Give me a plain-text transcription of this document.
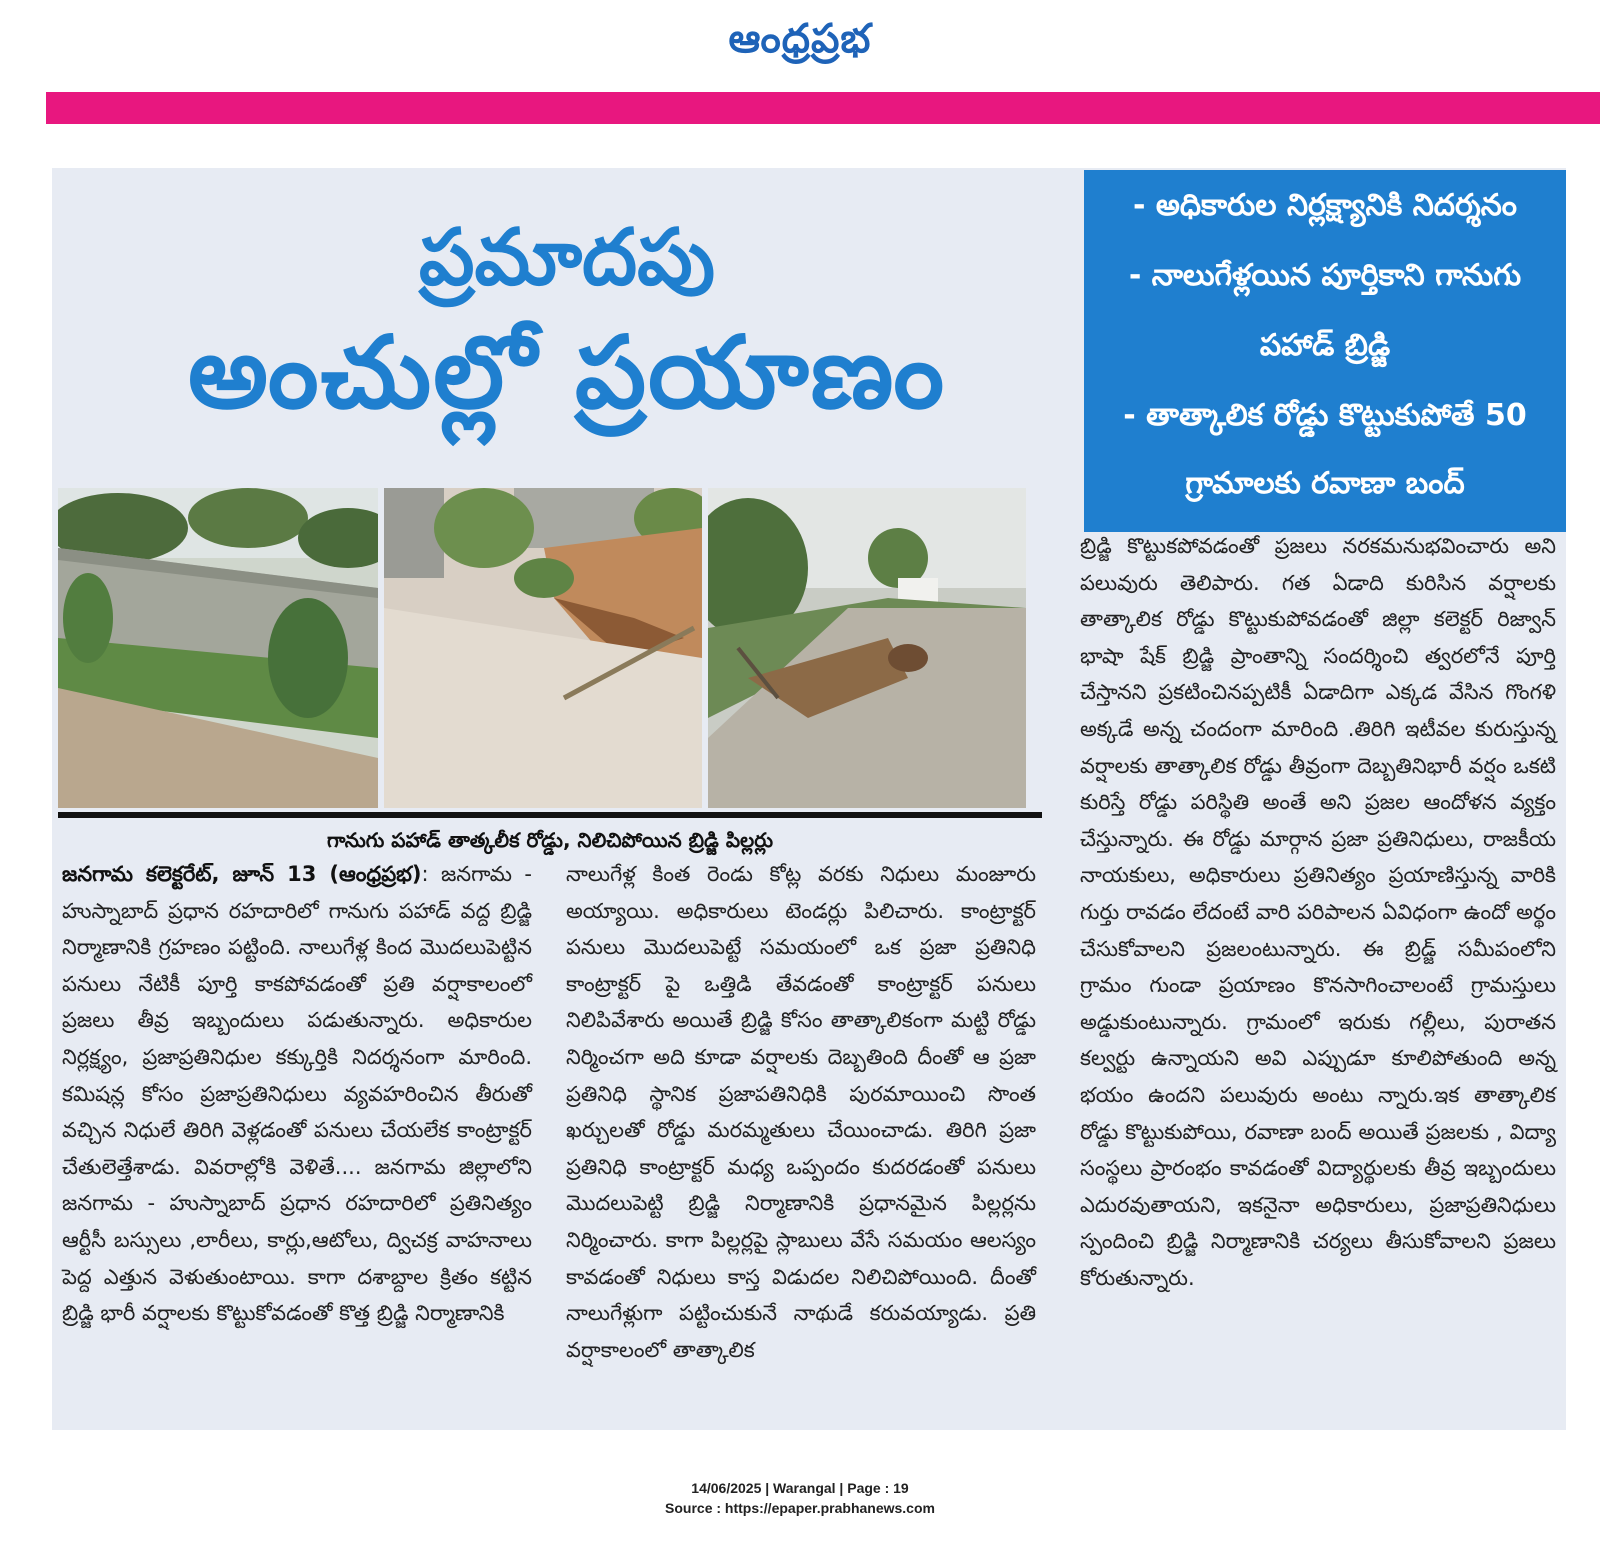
ఆంధ్రప్రభ
ప్రమాదపు
అంచుల్లో ప్రయాణం
- అధికారుల నిర్లక్ష్యానికి నిదర్శనం
- నాలుగేళ్లయిన పూర్తికాని గానుగు
పహాడ్ బ్రిడ్జి
- తాత్కాలిక రోడ్డు కొట్టుకుపోతే 50
గ్రామాలకు రవాణా బంద్
గానుగు పహాడ్ తాత్కలీక రోడ్డు, నిలిచిపోయిన బ్రిడ్జి పిల్లర్లు
జనగామ కలెక్టరేట్, జూన్ 13 (ఆంధ్రప్రభ): జనగామ - హుస్నాబాద్ ప్రధాన రహదారిలో గానుగు పహాడ్ వద్ద బ్రిడ్జి నిర్మాణానికి గ్రహణం పట్టింది. నాలుగేళ్ల కింద మొదలుపెట్టిన పనులు నేటికీ పూర్తి కాకపోవడంతో ప్రతి వర్షాకాలంలో ప్రజలు తీవ్ర ఇబ్బందులు పడుతున్నారు. అధికారుల నిర్లక్ష్యం, ప్రజాప్రతినిధుల కక్కుర్తికి నిదర్శనంగా మారింది. కమిషన్ల కోసం ప్రజాప్రతినిధులు వ్యవహరించిన తీరుతో వచ్చిన నిధులే తిరిగి వెళ్లడంతో పనులు చేయలేక కాంట్రాక్టర్ చేతులెత్తేశాడు. వివరాల్లోకి వెళితే.... జనగామ జిల్లాలోని జనగామ - హుస్నాబాద్ ప్రధాన రహదారిలో ప్రతినిత్యం ఆర్టీసీ బస్సులు ,లారీలు, కార్లు,ఆటోలు, ద్విచక్ర వాహనాలు పెద్ద ఎత్తున వెళుతుంటాయి. కాగా దశాబ్దాల క్రితం కట్టిన బ్రిడ్జి భారీ వర్షాలకు కొట్టుకోవడంతో కొత్త బ్రిడ్జి నిర్మాణానికి
నాలుగేళ్ల కింత రెండు కోట్ల వరకు నిధులు మంజూరు అయ్యాయి. అధికారులు టెండర్లు పిలిచారు. కాంట్రాక్టర్ పనులు మొదలుపెట్టే సమయంలో ఒక ప్రజా ప్రతినిధి కాంట్రాక్టర్ పై ఒత్తిడి తేవడంతో కాంట్రాక్టర్ పనులు నిలిపివేశారు అయితే బ్రిడ్జి కోసం తాత్కాలికంగా మట్టి రోడ్డు నిర్మించగా అది కూడా వర్షాలకు దెబ్బతింది దీంతో ఆ ప్రజా ప్రతినిధి స్థానిక ప్రజాపతినిధికి పురమాయించి సొంత ఖర్చులతో రోడ్డు మరమ్మతులు చేయించాడు. తిరిగి ప్రజా ప్రతినిధి కాంట్రాక్టర్ మధ్య ఒప్పందం కుదరడంతో పనులు మొదలుపెట్టి బ్రిడ్జి నిర్మాణానికి ప్రధానమైన పిల్లర్లను నిర్మించారు. కాగా పిల్లర్లపై స్లాబులు వేసే సమయం ఆలస్యం కావడంతో నిధులు కాస్త విడుదల నిలిచిపోయింది. దీంతో నాలుగేళ్లుగా పట్టించుకునే నాథుడే కరువయ్యాడు. ప్రతి వర్షాకాలంలో తాత్కాలిక
బ్రిడ్జి కొట్టుకపోవడంతో ప్రజలు నరకమనుభవించారు అని పలువురు తెలిపారు. గత ఏడాది కురిసిన వర్షాలకు తాత్కాలిక రోడ్డు కొట్టుకుపోవడంతో జిల్లా కలెక్టర్ రిజ్వాన్ భాషా షేక్ బ్రిడ్జి ప్రాంతాన్ని సందర్శించి త్వరలోనే పూర్తి చేస్తానని ప్రకటించినప్పటికీ ఏడాదిగా ఎక్కడ వేసిన గొంగళి అక్కడే అన్న చందంగా మారింది .తిరిగి ఇటీవల కురుస్తున్న వర్షాలకు తాత్కాలిక రోడ్డు తీవ్రంగా దెబ్బతినిభారీ వర్షం ఒకటి కురిస్తే రోడ్డు పరిస్థితి అంతే అని ప్రజల ఆందోళన వ్యక్తం చేస్తున్నారు. ఈ రోడ్డు మార్గాన ప్రజా ప్రతినిధులు, రాజకీయ నాయకులు, అధికారులు ప్రతినిత్యం ప్రయాణిస్తున్న వారికి గుర్తు రావడం లేదంటే వారి పరిపాలన ఏవిధంగా ఉందో అర్థం చేసుకోవాలని ప్రజలంటున్నారు. ఈ బ్రిడ్జ్ సమీపంలోని గ్రామం గుండా ప్రయాణం కొనసాగించాలంటే గ్రామస్తులు అడ్డుకుంటున్నారు. గ్రామంలో ఇరుకు గల్లీలు, పురాతన కల్వర్టు ఉన్నాయని అవి ఎప్పుడూ కూలిపోతుంది అన్న భయం ఉందని పలువురు అంటు న్నారు.ఇక తాత్కాలిక రోడ్డు కొట్టుకుపోయి, రవాణా బంద్ అయితే ప్రజలకు , విద్యా సంస్థలు ప్రారంభం కావడంతో విద్యార్థులకు తీవ్ర ఇబ్బందులు ఎదురవుతాయని, ఇకనైనా అధికారులు, ప్రజాప్రతినిధులు స్పందించి బ్రిడ్జి నిర్మాణానికి చర్యలు తీసుకోవాలని ప్రజలు కోరుతున్నారు.
14/06/2025 | Warangal | Page : 19
Source : https://epaper.prabhanews.com
